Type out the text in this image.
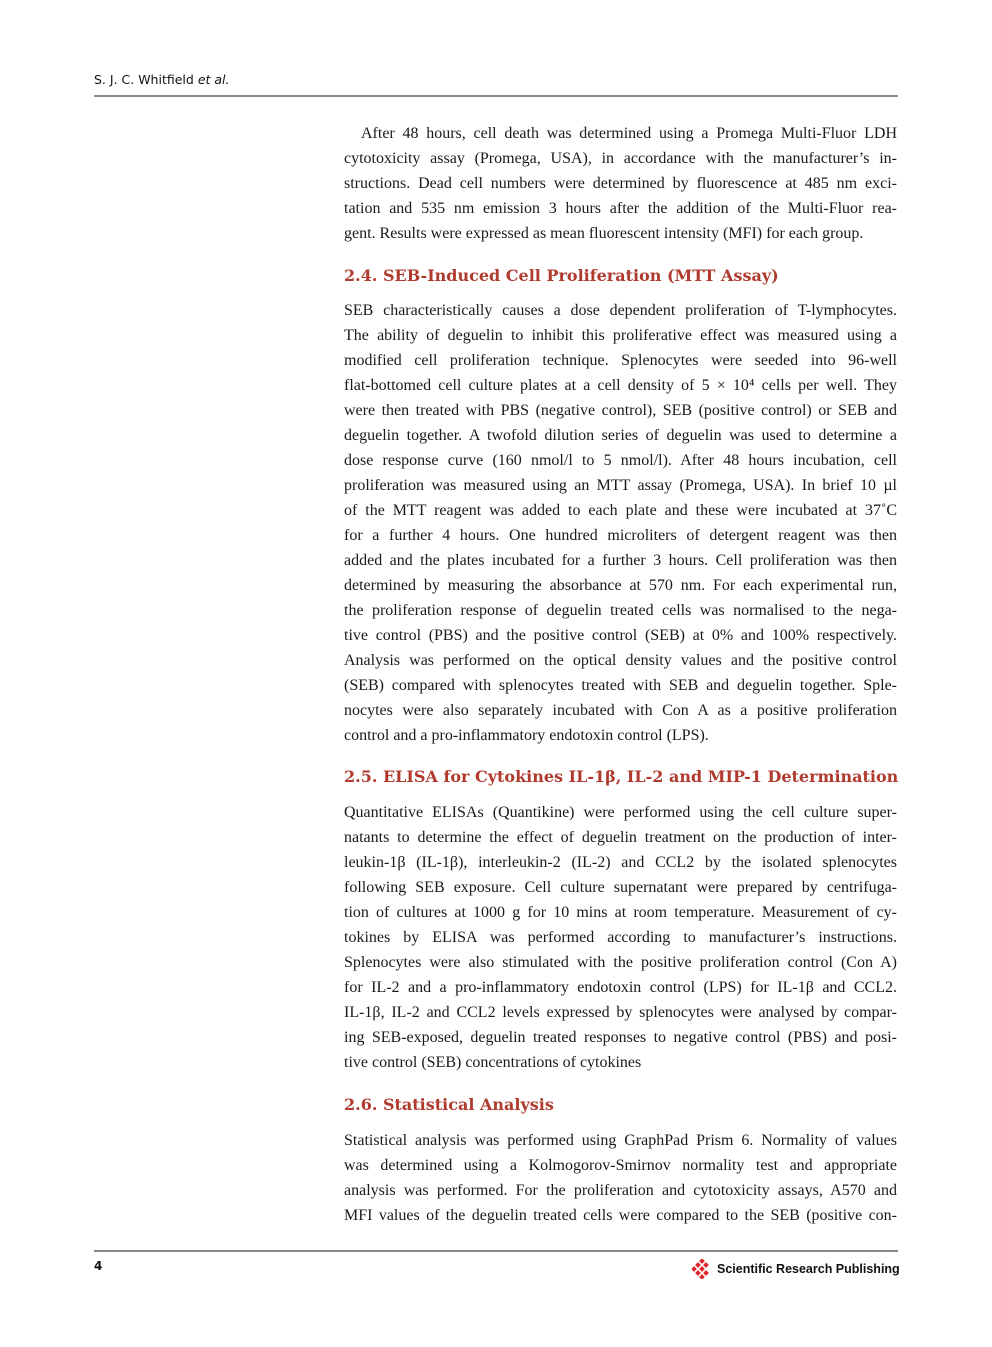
S. J. C. Whitfield et al.
After 48 hours, cell death was determined using a Promega Multi-Fluor LDH
cytotoxicity assay (Promega, USA), in accordance with the manufacturer’s in-
structions. Dead cell numbers were determined by fluorescence at 485 nm exci-
tation and 535 nm emission 3 hours after the addition of the Multi-Fluor rea-
gent. Results were expressed as mean fluorescent intensity (MFI) for each group.
2.4. SEB-Induced Cell Proliferation (MTT Assay)
SEB characteristically causes a dose dependent proliferation of T-lymphocytes.
The ability of deguelin to inhibit this proliferative effect was measured using a
modified cell proliferation technique. Splenocytes were seeded into 96-well
flat-bottomed cell culture plates at a cell density of 5 × 10⁴ cells per well. They
were then treated with PBS (negative control), SEB (positive control) or SEB and
deguelin together. A twofold dilution series of deguelin was used to determine a
dose response curve (160 nmol/l to 5 nmol/l). After 48 hours incubation, cell
proliferation was measured using an MTT assay (Promega, USA). In brief 10 µl
of the MTT reagent was added to each plate and these were incubated at 37˚C
for a further 4 hours. One hundred microliters of detergent reagent was then
added and the plates incubated for a further 3 hours. Cell proliferation was then
determined by measuring the absorbance at 570 nm. For each experimental run,
the proliferation response of deguelin treated cells was normalised to the nega-
tive control (PBS) and the positive control (SEB) at 0% and 100% respectively.
Analysis was performed on the optical density values and the positive control
(SEB) compared with splenocytes treated with SEB and deguelin together. Sple-
nocytes were also separately incubated with Con A as a positive proliferation
control and a pro-inflammatory endotoxin control (LPS).
2.5. ELISA for Cytokines IL-1β, IL-2 and MIP-1 Determination
Quantitative ELISAs (Quantikine) were performed using the cell culture super-
natants to determine the effect of deguelin treatment on the production of inter-
leukin-1β (IL-1β), interleukin-2 (IL-2) and CCL2 by the isolated splenocytes
following SEB exposure. Cell culture supernatant were prepared by centrifuga-
tion of cultures at 1000 g for 10 mins at room temperature. Measurement of cy-
tokines by ELISA was performed according to manufacturer’s instructions.
Splenocytes were also stimulated with the positive proliferation control (Con A)
for IL-2 and a pro-inflammatory endotoxin control (LPS) for IL-1β and CCL2.
IL-1β, IL-2 and CCL2 levels expressed by splenocytes were analysed by compar-
ing SEB-exposed, deguelin treated responses to negative control (PBS) and posi-
tive control (SEB) concentrations of cytokines
2.6. Statistical Analysis
Statistical analysis was performed using GraphPad Prism 6. Normality of values
was determined using a Kolmogorov-Smirnov normality test and appropriate
analysis was performed. For the proliferation and cytotoxicity assays, A570 and
MFI values of the deguelin treated cells were compared to the SEB (positive con-
4	Scientific Research Publishing
